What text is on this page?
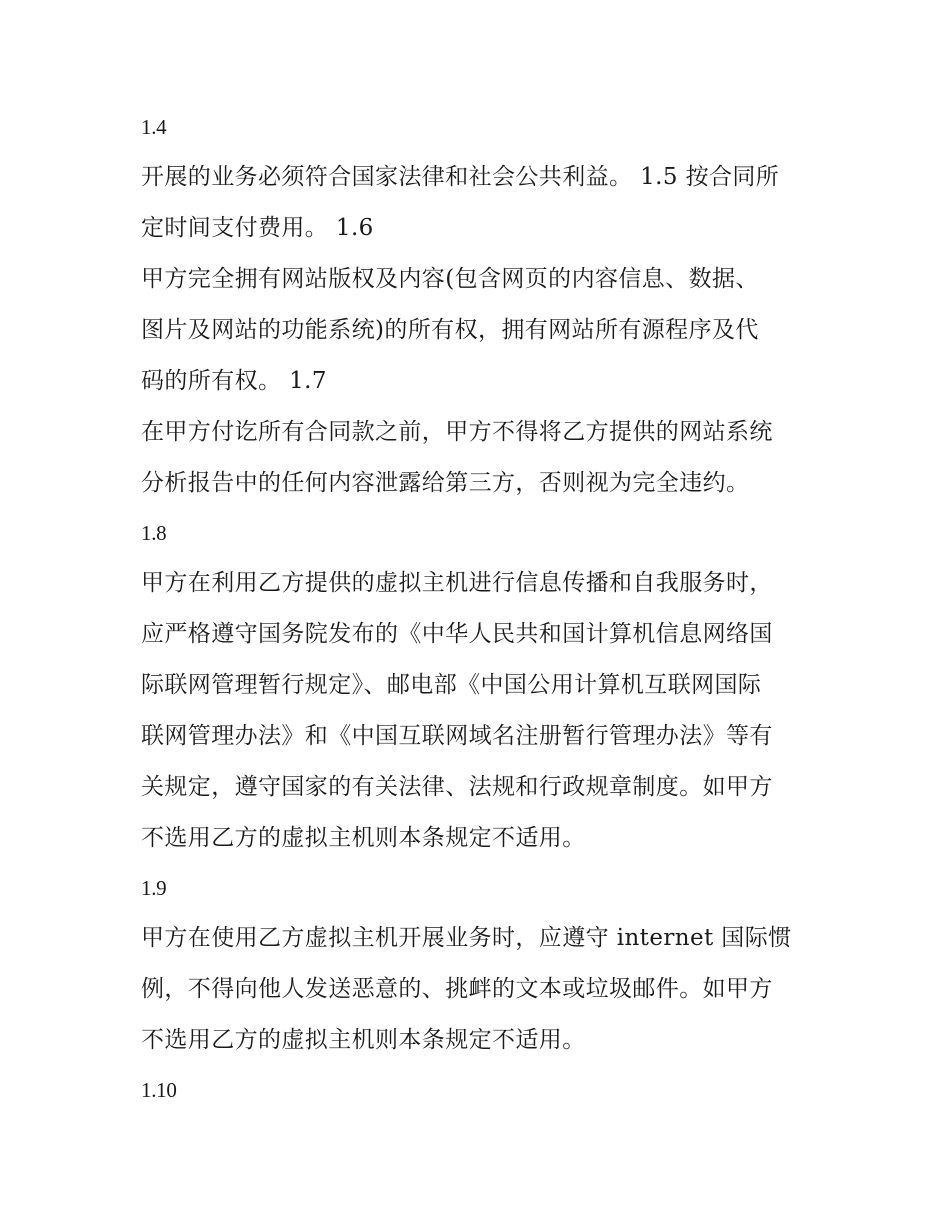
1.4

开展的业务必须符合国家法律和社会公共利益。 1.5 按合同所

定时间支付费用。 1.6

甲方完全拥有网站版权及内容(包含网页的内容信息、数据、

图片及网站的功能系统)的所有权，拥有网站所有源程序及代

码的所有权。 1.7

在甲方付讫所有合同款之前，甲方不得将乙方提供的网站系统

分析报告中的任何内容泄露给第三方，否则视为完全违约。

1.8

甲方在利用乙方提供的虚拟主机进行信息传播和自我服务时，

应严格遵守国务院发布的《中华人民共和国计算机信息网络国

际联网管理暂行规定》、邮电部《中国公用计算机互联网国际

联网管理办法》和《中国互联网域名注册暂行管理办法》等有

关规定，遵守国家的有关法律、法规和行政规章制度。如甲方

不选用乙方的虚拟主机则本条规定不适用。

1.9

甲方在使用乙方虚拟主机开展业务时，应遵守 internet 国际惯

例，不得向他人发送恶意的、挑衅的文本或垃圾邮件。如甲方

不选用乙方的虚拟主机则本条规定不适用。

1.10
